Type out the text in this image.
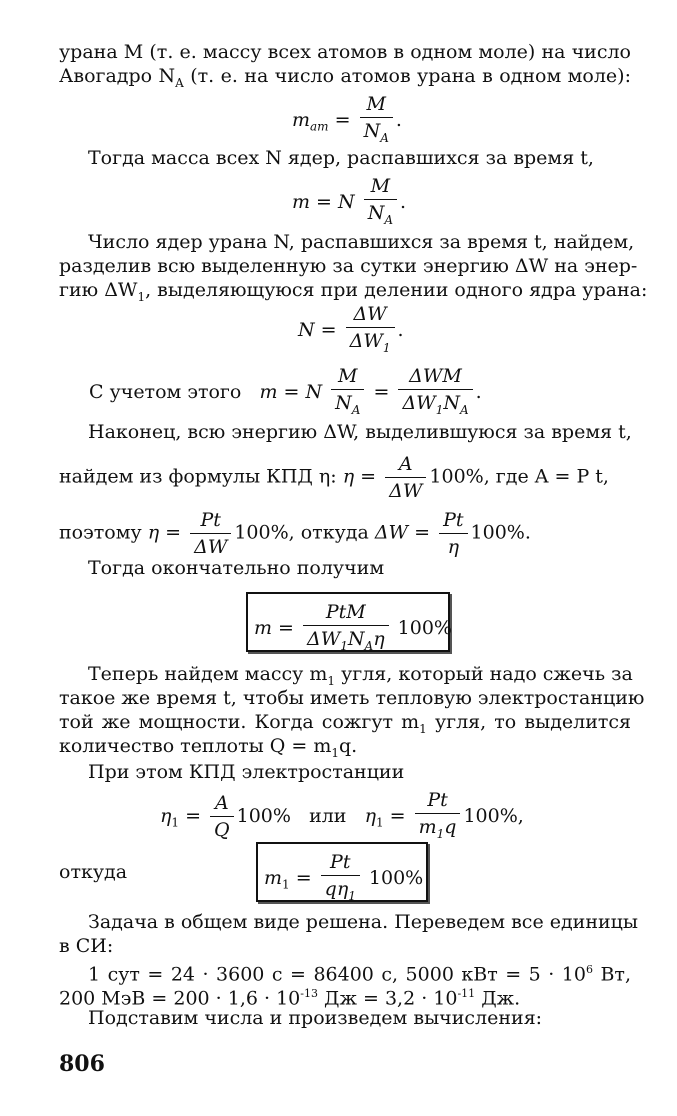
урана M (т. е. массу всех атомов в одном моле) на число
Авогадро $N_A$ (т. е. на число атомов урана в одном моле):
$m_{ат} = \frac{M}{N_A}$ .
Тогда масса всех N ядер, распавшихся за время t,
m = N $\frac{M}{N_A}$ .
Число ядер урана N, распавшихся за время t, найдем,
разделив всю выделенную за сутки энергию ΔW на энер-
гию $\Delta W_1$, выделяющуюся при делении одного ядра урана:
$N = \frac{\Delta W}{\Delta W_1}$ .
С учетом этого m = N $\frac{M}{N_A} = \frac{\text{ΔWM}}{\Delta W_1N_A}$ .
Наконец, всю энергию ΔW, выделившуюся за время t,
найдем из формулы КПД η: $\eta = \frac{A}{\Delta W} 100\%$, где A = P t,
поэтому $\eta = \frac{Pt}{\Delta W} 100\%$, откуда $\Delta W = \frac{Pt}{\eta} 100\%$.
Тогда окончательно получим
$m = \frac{\text{PtM}}{\Delta W_1N_A\eta} 100\%$
Теперь найдем массу $m_1$ угля, который надо сжечь за
такое же время t, чтобы иметь тепловую электростанцию
той же мощности. Когда сожгут $m_1$ угля, то выделится
количество теплоты $Q = m_1q$.
При этом КПД электростанции
$\eta_1 = \frac{A}{Q} 100\%$ или $\eta_1 = \frac{Pt}{m_1q} 100\%$,
откуда	$m_1 = \frac{Pt}{q\eta_1} 100\%$
Задача в общем виде решена. Переведем все единицы
в СИ:
1 сут = 24 · 3600 с = 86400 с, 5000 кВт = $5 \cdot 10^6$ Вт,
200 МэВ = $200 \cdot 1,6 \cdot 10^{-13}$ Дж = $3,2 \cdot 10^{-11}$ Дж.
Подставим числа и произведем вычисления:
806
